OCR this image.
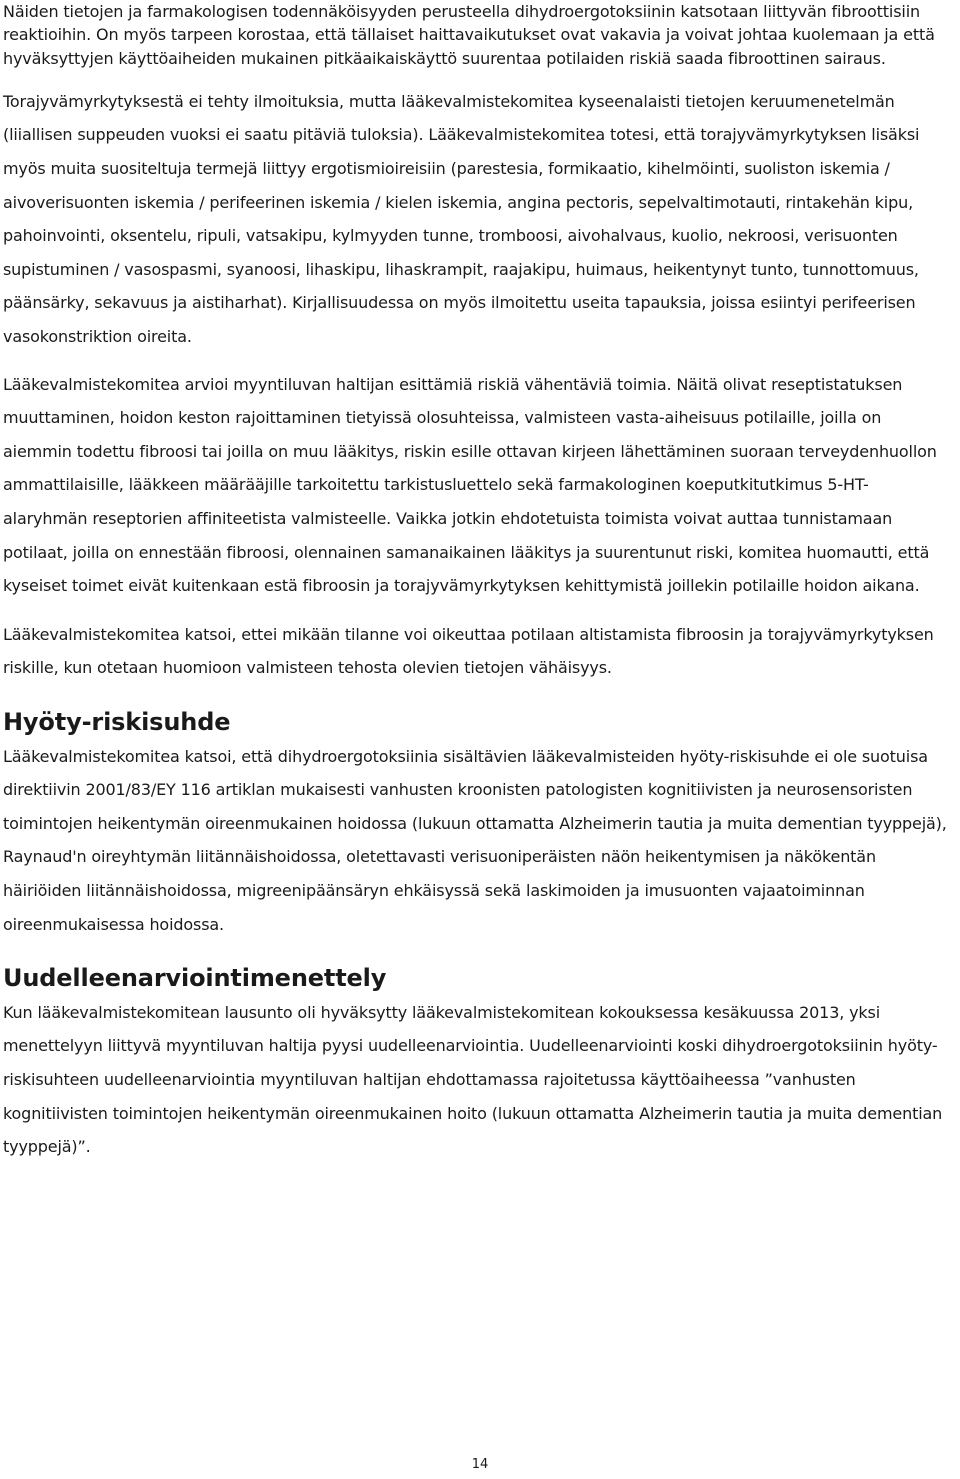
Näiden tietojen ja farmakologisen todennäköisyyden perusteella dihydroergotoksiinin katsotaan liittyvän fibroottisiin reaktioihin. On myös tarpeen korostaa, että tällaiset haittavaikutukset ovat vakavia ja voivat johtaa kuolemaan ja että hyväksyttyjen käyttöaiheiden mukainen pitkäaikaiskäyttö suurentaa potilaiden riskiä saada fibroottinen sairaus.

Torajyvämyrkytyksestä ei tehty ilmoituksia, mutta lääkevalmistekomitea kyseenalaisti tietojen keruumenetelmän (liiallisen suppeuden vuoksi ei saatu pitäviä tuloksia). Lääkevalmistekomitea totesi, että torajyvämyrkytyksen lisäksi myös muita suositeltuja termejä liittyy ergotismioireisiin (parestesia, formikaatio, kihelmöinti, suoliston iskemia / aivoverisuonten iskemia / perifeerinen iskemia / kielen iskemia, angina pectoris, sepelvaltimotauti, rintakehän kipu, pahoinvointi, oksentelu, ripuli, vatsakipu, kylmyyden tunne, tromboosi, aivohalvaus, kuolio, nekroosi, verisuonten supistuminen / vasospasmi, syanoosi, lihaskipu, lihaskrampit, raajakipu, huimaus, heikentynyt tunto, tunnottomuus, päänsärky, sekavuus ja aistiharhat). Kirjallisuudessa on myös ilmoitettu useita tapauksia, joissa esiintyi perifeerisen vasokonstriktion oireita.

Lääkevalmistekomitea arvioi myyntiluvan haltijan esittämiä riskiä vähentäviä toimia. Näitä olivat reseptistatuksen muuttaminen, hoidon keston rajoittaminen tietyissä olosuhteissa, valmisteen vasta-aiheisuus potilaille, joilla on aiemmin todettu fibroosi tai joilla on muu lääkitys, riskin esille ottavan kirjeen lähettäminen suoraan terveydenhuollon ammattilaisille, lääkkeen määrääjille tarkoitettu tarkistusluettelo sekä farmakologinen koeputkitutkimus 5-HT-alaryhmän reseptorien affiniteetista valmisteelle. Vaikka jotkin ehdotetuista toimista voivat auttaa tunnistamaan potilaat, joilla on ennestään fibroosi, olennainen samanaikainen lääkitys ja suurentunut riski, komitea huomautti, että kyseiset toimet eivät kuitenkaan estä fibroosin ja torajyvämyrkytyksen kehittymistä joillekin potilaille hoidon aikana.

Lääkevalmistekomitea katsoi, ettei mikään tilanne voi oikeuttaa potilaan altistamista fibroosin ja torajyvämyrkytyksen riskille, kun otetaan huomioon valmisteen tehosta olevien tietojen vähäisyys.

Hyöty-riskisuhde

Lääkevalmistekomitea katsoi, että dihydroergotoksiinia sisältävien lääkevalmisteiden hyöty-riskisuhde ei ole suotuisa direktiivin 2001/83/EY 116 artiklan mukaisesti vanhusten kroonisten patologisten kognitiivisten ja neurosensoristen toimintojen heikentymän oireenmukainen hoidossa (lukuun ottamatta Alzheimerin tautia ja muita dementian tyyppejä), Raynaud'n oireyhtymän liitännäishoidossa, oletettavasti verisuoniperäisten näön heikentymisen ja näkökentän häiriöiden liitännäishoidossa, migreenipäänsäryn ehkäisyssä sekä laskimoiden ja imusuonten vajaatoiminnan oireenmukaisessa hoidossa.

Uudelleenarviointimenettely

Kun lääkevalmistekomitean lausunto oli hyväksytty lääkevalmistekomitean kokouksessa kesäkuussa 2013, yksi menettelyyn liittyvä myyntiluvan haltija pyysi uudelleenarviointia. Uudelleenarviointi koski dihydroergotoksiinin hyöty-riskisuhteen uudelleenarviointia myyntiluvan haltijan ehdottamassa rajoitetussa käyttöaiheessa ”vanhusten kognitiivisten toimintojen heikentymän oireenmukainen hoito (lukuun ottamatta Alzheimerin tautia ja muita dementian tyyppejä)”.

14
